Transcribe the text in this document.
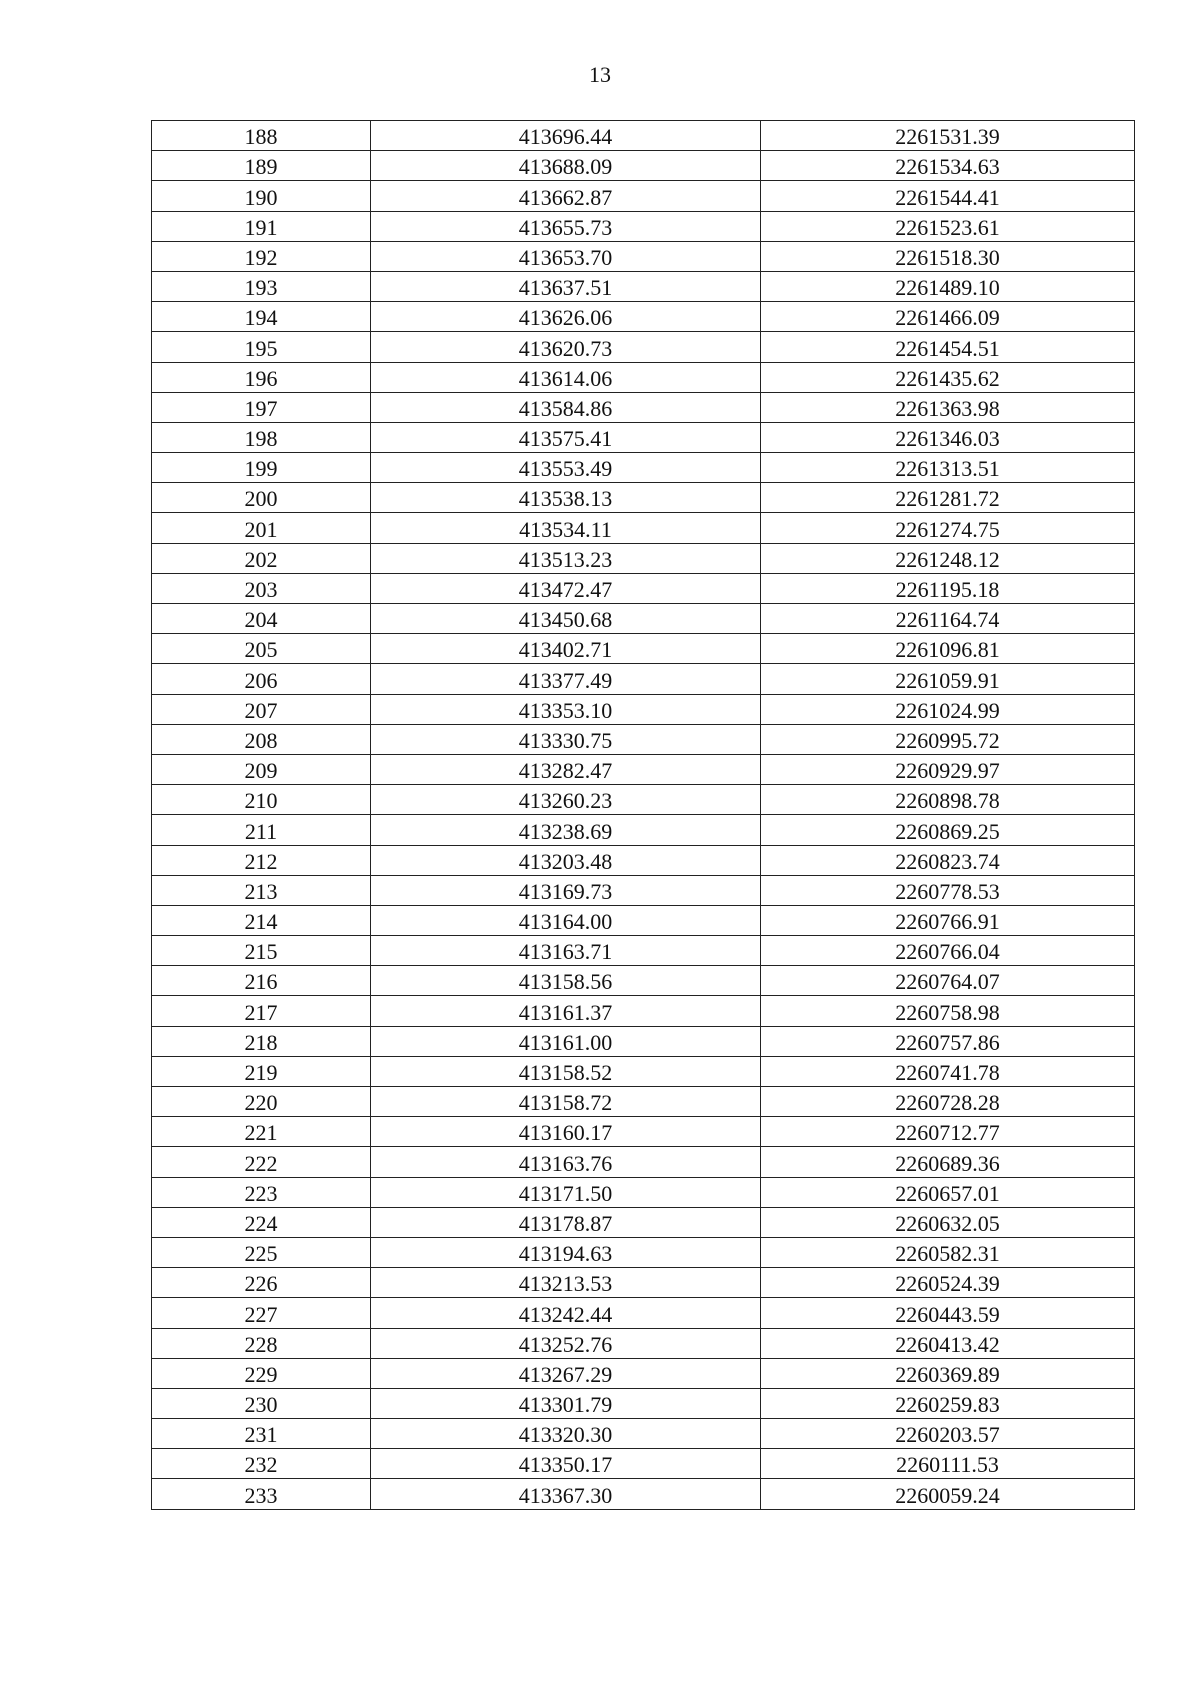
13
188	413696.44	2261531.39
189	413688.09	2261534.63
190	413662.87	2261544.41
191	413655.73	2261523.61
192	413653.70	2261518.30
193	413637.51	2261489.10
194	413626.06	2261466.09
195	413620.73	2261454.51
196	413614.06	2261435.62
197	413584.86	2261363.98
198	413575.41	2261346.03
199	413553.49	2261313.51
200	413538.13	2261281.72
201	413534.11	2261274.75
202	413513.23	2261248.12
203	413472.47	2261195.18
204	413450.68	2261164.74
205	413402.71	2261096.81
206	413377.49	2261059.91
207	413353.10	2261024.99
208	413330.75	2260995.72
209	413282.47	2260929.97
210	413260.23	2260898.78
211	413238.69	2260869.25
212	413203.48	2260823.74
213	413169.73	2260778.53
214	413164.00	2260766.91
215	413163.71	2260766.04
216	413158.56	2260764.07
217	413161.37	2260758.98
218	413161.00	2260757.86
219	413158.52	2260741.78
220	413158.72	2260728.28
221	413160.17	2260712.77
222	413163.76	2260689.36
223	413171.50	2260657.01
224	413178.87	2260632.05
225	413194.63	2260582.31
226	413213.53	2260524.39
227	413242.44	2260443.59
228	413252.76	2260413.42
229	413267.29	2260369.89
230	413301.79	2260259.83
231	413320.30	2260203.57
232	413350.17	2260111.53
233	413367.30	2260059.24
